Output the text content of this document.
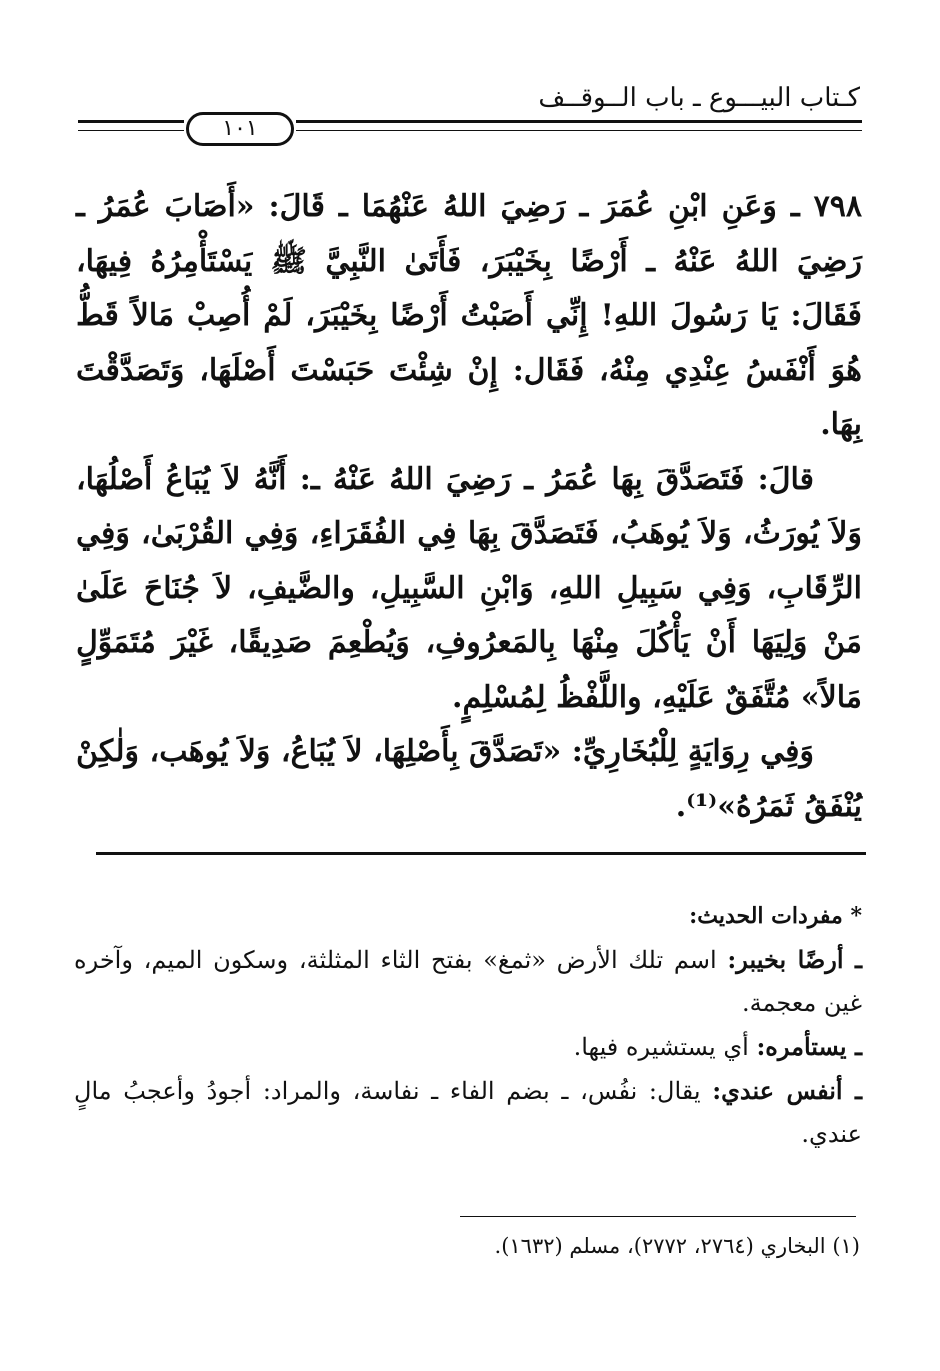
كـتاب البيـــوع ـ باب الــوقــف
١٠١

٧٩٨ ـ وَعَنِ ابْنِ عُمَرَ ـ رَضِيَ اللهُ عَنْهُمَا ـ قَالَ: «أَصَابَ عُمَرُ ـ رَضِيَ اللهُ عَنْهُ ـ أَرْضًا بِخَيْبَرَ، فَأَتَىٰ النَّبِيَّ ﷺ يَسْتَأْمِرُهُ فِيهَا، فَقَالَ: يَا رَسُولَ اللهِ! إِنِّي أَصَبْتُ أَرْضًا بِخَيْبَرَ، لَمْ أُصِبْ مَالاً قَطُّ هُوَ أَنْفَسُ عِنْدِي مِنْهُ، فَقَال: إِنْ شِئْتَ حَبَسْتَ أَصْلَهَا، وَتَصَدَّقْتَ بِهَا.

قالَ: فَتَصَدَّقَ بِهَا عُمَرُ ـ رَضِيَ اللهُ عَنْهُ ـ: أَنَّهُ لاَ يُبَاعُ أَصْلُهَا، وَلاَ يُورَثُ، وَلاَ يُوهَبُ، فَتَصَدَّقَ بِهَا فِي الفُقَرَاءِ، وَفِي القُرْبَىٰ، وَفِي الرِّقَابِ، وَفِي سَبِيلِ اللهِ، وَابْنِ السَّبِيلِ، والضَّيفِ، لاَ جُنَاحَ عَلَىٰ مَنْ وَلِيَهَا أَنْ يَأْكُلَ مِنْهَا بِالمَعرُوفِ، وَيُطْعِمَ صَدِيقًا، غَيْرَ مُتَمَوِّلٍ مَالاً» مُتَّفَقٌ عَلَيْهِ، واللَّفْظُ لِمُسْلِمٍ.

وَفِي رِوَايَةٍ لِلْبُخَارِيِّ: «تَصَدَّقَ بِأَصْلِهَا، لاَ يُبَاعُ، وَلاَ يُوهَب، وَلٰكِنْ يُنْفَقُ ثَمَرُهُ»⁽¹⁾.

* مفردات الحديث:

ـ أرضًا بخيبر: اسم تلك الأرض «ثمغ» بفتح الثاء المثلثة، وسكون الميم، وآخره غين معجمة.

ـ يستأمره: أي يستشيره فيها.

ـ أنفس عندي: يقال: نفُس، ـ بضم الفاء ـ نفاسة، والمراد: أجودُ وأعجبُ مالٍ عندي.

(١) البخاري (٢٧٦٤، ٢٧٧٢)، مسلم (١٦٣٢).
